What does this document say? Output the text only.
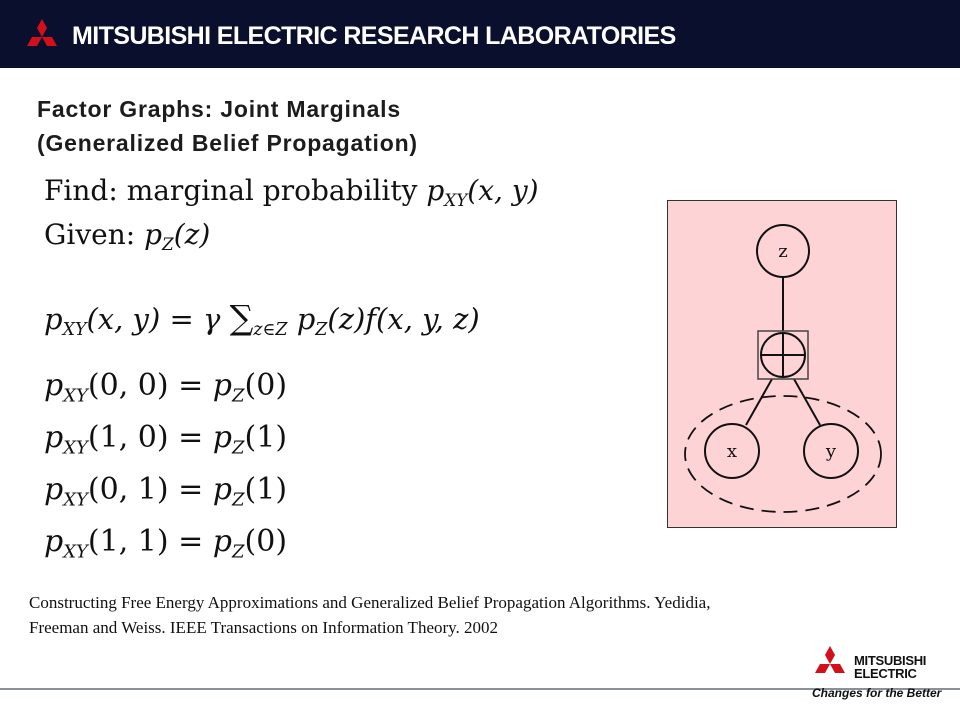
MITSUBISHI ELECTRIC RESEARCH LABORATORIES
Factor Graphs: Joint Marginals
(Generalized Belief Propagation)
Find: marginal probability $p_{XY}(x$, y)
Given: $p_Z(z)$
$p_{XY}(x$, y) = γ $\sum_{z\in Z}$ $p_Z(z)f(x$, y, z)
$p_{XY}(0$, $0) = p_Z(0)$
$p_{XY}(1$, $0) = p_Z(1)$
$p_{XY}(0$, $1) = p_Z(1)$
$p_{XY}(1$, $1) = p_Z(0)$
z
x	y
Constructing Free Energy Approximations and Generalized Belief Propagation Algorithms. Yedidia, Freeman and Weiss. IEEE Transactions on Information Theory. 2002
MITSUBISHI
ELECTRIC
Changes for the Better
